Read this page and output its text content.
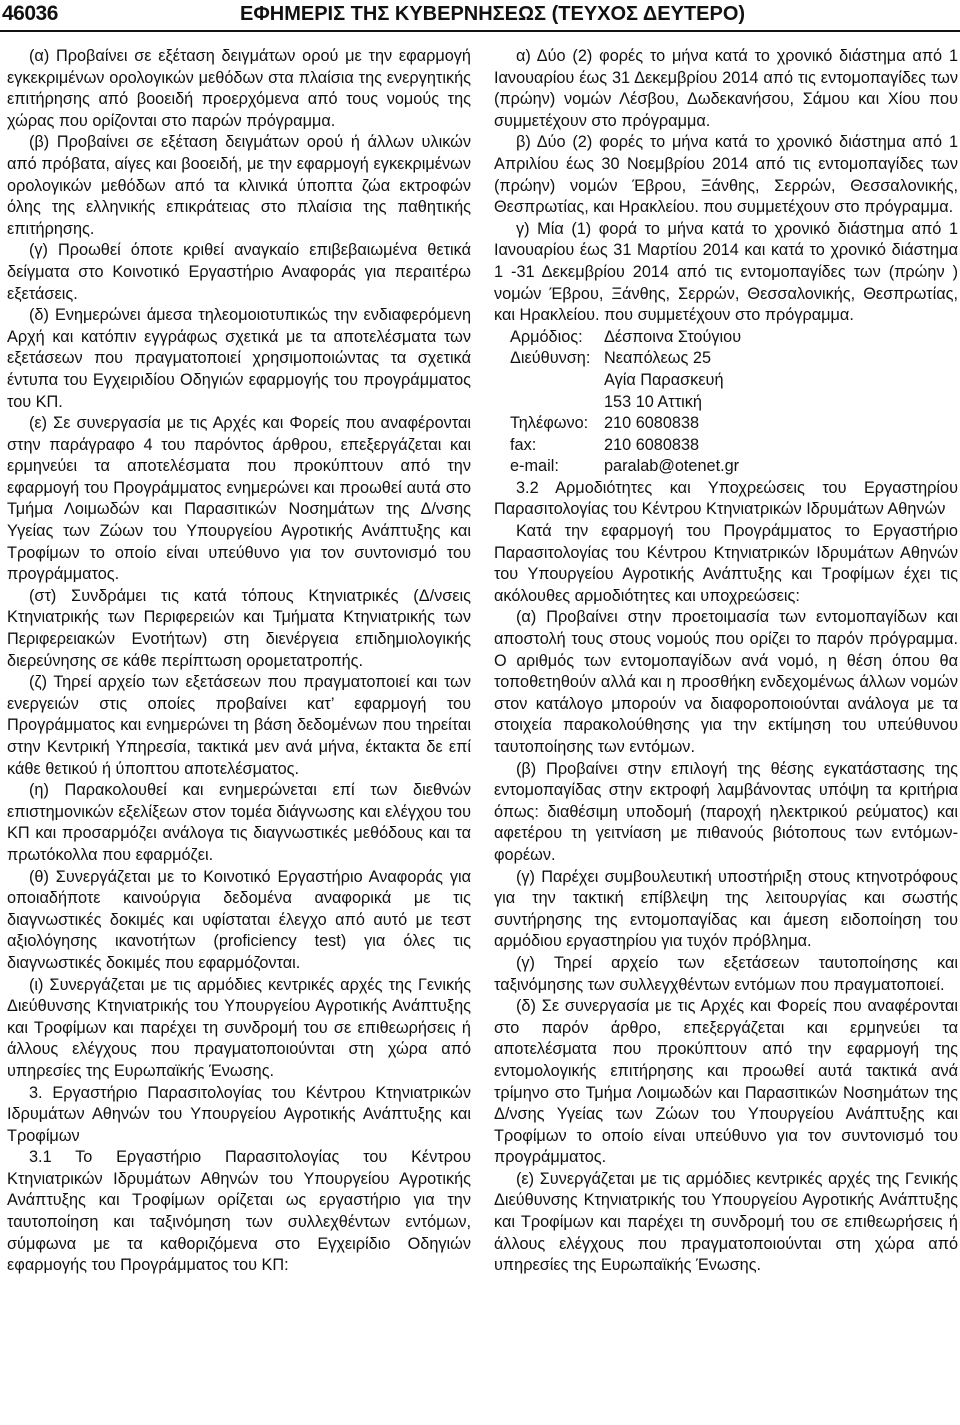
46036	ΕΦΗΜΕΡΙΣ ΤΗΣ ΚΥΒΕΡΝΗΣΕΩΣ (ΤΕΥΧΟΣ ΔΕΥΤΕΡΟ)

(α) Προβαίνει σε εξέταση δειγμάτων ορού με την εφαρμογή εγκεκριμένων ορολογικών μεθόδων στα πλαίσια της ενεργητικής επιτήρησης από βοοειδή προερχόμενα από τους νομούς της χώρας που ορίζονται στο παρών πρόγραμμα.

(β) Προβαίνει σε εξέταση δειγμάτων ορού ή άλλων υλικών από πρόβατα, αίγες και βοοειδή, με την εφαρμογή εγκεκριμένων ορολογικών μεθόδων από τα κλινικά ύποπτα ζώα εκτροφών όλης της ελληνικής επικράτειας στο πλαίσια της παθητικής επιτήρησης.

(γ) Προωθεί όποτε κριθεί αναγκαίο επιβεβαιωμένα θετικά δείγματα στο Κοινοτικό Εργαστήριο Αναφοράς για περαιτέρω εξετάσεις.

(δ) Ενημερώνει άμεσα τηλεομοιοτυπικώς την ενδιαφερόμενη Αρχή και κατόπιν εγγράφως σχετικά με τα αποτελέσματα των εξετάσεων που πραγματοποιεί χρησιμοποιώντας τα σχετικά έντυπα του Εγχειριδίου Οδηγιών εφαρμογής του προγράμματος του ΚΠ.

(ε) Σε συνεργασία με τις Αρχές και Φορείς που αναφέρονται στην παράγραφο 4 του παρόντος άρθρου, επεξεργάζεται και ερμηνεύει τα αποτελέσματα που προκύπτουν από την εφαρμογή του Προγράμματος ενημερώνει και προωθεί αυτά στο Τμήμα Λοιμωδών και Παρασιτικών Νοσημάτων της Δ/νσης Υγείας των Ζώων του Υπουργείου Αγροτικής Ανάπτυξης και Τροφίμων το οποίο είναι υπεύθυνο για τον συντονισμό του προγράμματος.

(στ) Συνδράμει τις κατά τόπους Κτηνιατρικές (Δ/νσεις Κτηνιατρικής των Περιφερειών και Τμήματα Κτηνιατρικής των Περιφερειακών Ενοτήτων) στη διενέργεια επιδημιολογικής διερεύνησης σε κάθε περίπτωση ορομετατροπής.

(ζ) Τηρεί αρχείο των εξετάσεων που πραγματοποιεί και των ενεργειών στις οποίες προβαίνει κατ’ εφαρμογή του Προγράμματος και ενημερώνει τη βάση δεδομένων που τηρείται στην Κεντρική Υπηρεσία, τακτικά μεν ανά μήνα, έκτακτα δε επί κάθε θετικού ή ύποπτου αποτελέσματος.

(η) Παρακολουθεί και ενημερώνεται επί των διεθνών επιστημονικών εξελίξεων στον τομέα διάγνωσης και ελέγχου του ΚΠ και προσαρμόζει ανάλογα τις διαγνωστικές μεθόδους και τα πρωτόκολλα που εφαρμόζει.

(θ) Συνεργάζεται με το Κοινοτικό Εργαστήριο Αναφοράς για οποιαδήποτε καινούργια δεδομένα αναφορικά με τις διαγνωστικές δοκιμές και υφίσταται έλεγχο από αυτό με τεστ αξιολόγησης ικανοτήτων (proficiency test) για όλες τις διαγνωστικές δοκιμές που εφαρμόζονται.

(ι) Συνεργάζεται με τις αρμόδιες κεντρικές αρχές της Γενικής Διεύθυνσης Κτηνιατρικής του Υπουργείου Αγροτικής Ανάπτυξης και Τροφίμων και παρέχει τη συνδρομή του σε επιθεωρήσεις ή άλλους ελέγχους που πραγματοποιούνται στη χώρα από υπηρεσίες της Ευρωπαϊκής Ένωσης.

3. Εργαστήριο Παρασιτολογίας του Κέντρου Κτηνιατρικών Ιδρυμάτων Αθηνών του Υπουργείου Αγροτικής Ανάπτυξης και Τροφίμων

3.1 Το Εργαστήριο Παρασιτολογίας του Κέντρου Κτηνιατρικών Ιδρυμάτων Αθηνών του Υπουργείου Αγροτικής Ανάπτυξης και Τροφίμων ορίζεται ως εργαστήριο για την ταυτοποίηση και ταξινόμηση των συλλεχθέντων εντόμων, σύμφωνα με τα καθοριζόμενα στο Εγχειρίδιο Οδηγιών εφαρμογής του Προγράμματος του ΚΠ:

α) Δύο (2) φορές το μήνα κατά το χρονικό διάστημα από 1 Ιανουαρίου έως 31 Δεκεμβρίου 2014 από τις εντομοπαγίδες των (πρώην) νομών Λέσβου, Δωδεκανήσου, Σάμου και Χίου που συμμετέχουν στο πρόγραμμα.

β) Δύο (2) φορές το μήνα κατά το χρονικό διάστημα από 1 Απριλίου έως 30 Νοεμβρίου 2014 από τις εντομοπαγίδες των (πρώην) νομών Έβρου, Ξάνθης, Σερρών, Θεσσαλονικής, Θεσπρωτίας, και Ηρακλείου. που συμμετέχουν στο πρόγραμμα.

γ) Μία (1) φορά το μήνα κατά το χρονικό διάστημα από 1 Ιανουαρίου έως 31 Μαρτίου 2014 και κατά το χρονικό διάστημα 1 -31 Δεκεμβρίου 2014 από τις εντομοπαγίδες των (πρώην ) νομών Έβρου, Ξάνθης, Σερρών, Θεσσαλονικής, Θεσπρωτίας, και Ηρακλείου. που συμμετέχουν στο πρόγραμμα.

Αρμόδιος:	Δέσποινα Στούγιου
Διεύθυνση: Νεαπόλεως 25
Αγία Παρασκευή
153 10 Αττική
Τηλέφωνο: 210 6080838
fax:	210 6080838
e-mail:	paralab@otenet.gr

3.2 Αρμοδιότητες και Υποχρεώσεις του Εργαστηρίου Παρασιτολογίας του Κέντρου Κτηνιατρικών Ιδρυμάτων Αθηνών

Κατά την εφαρμογή του Προγράμματος το Εργαστήριο Παρασιτολογίας του Κέντρου Κτηνιατρικών Ιδρυμάτων Αθηνών του Υπουργείου Αγροτικής Ανάπτυξης και Τροφίμων έχει τις ακόλουθες αρμοδιότητες και υποχρεώσεις:

(α) Προβαίνει στην προετοιμασία των εντομοπαγίδων και αποστολή τους στους νομούς που ορίζει το παρόν πρόγραμμα. Ο αριθμός των εντομοπαγίδων ανά νομό, η θέση όπου θα τοποθετηθούν αλλά και η προσθήκη ενδεχομένως άλλων νομών στον κατάλογο μπορούν να διαφοροποιούνται ανάλογα με τα στοιχεία παρακολούθησης για την εκτίμηση του υπεύθυνου ταυτοποίησης των εντόμων.

(β) Προβαίνει στην επιλογή της θέσης εγκατάστασης της εντομοπαγίδας στην εκτροφή λαμβάνοντας υπόψη τα κριτήρια όπως: διαθέσιμη υποδομή (παροχή ηλεκτρικού ρεύματος) και αφετέρου τη γειτνίαση με πιθανούς βιότοπους των εντόμων-φορέων.

(γ) Παρέχει συμβουλευτική υποστήριξη στους κτηνοτρόφους για την τακτική επίβλεψη της λειτουργίας και σωστής συντήρησης της εντομοπαγίδας και άμεση ειδοποίηση του αρμόδιου εργαστηρίου για τυχόν πρόβλημα.

(γ) Τηρεί αρχείο των εξετάσεων ταυτοποίησης και ταξινόμησης των συλλεγχθέντων εντόμων που πραγματοποιεί.

(δ) Σε συνεργασία με τις Αρχές και Φορείς που αναφέρονται στο παρόν άρθρο, επεξεργάζεται και ερμηνεύει τα αποτελέσματα που προκύπτουν από την εφαρμογή της εντομολογικής επιτήρησης και προωθεί αυτά τακτικά ανά τρίμηνο στο Τμήμα Λοιμωδών και Παρασιτικών Νοσημάτων της Δ/νσης Υγείας των Ζώων του Υπουργείου Ανάπτυξης και Τροφίμων το οποίο είναι υπεύθυνο για τον συντονισμό του προγράμματος.

(ε) Συνεργάζεται με τις αρμόδιες κεντρικές αρχές της Γενικής Διεύθυνσης Κτηνιατρικής του Υπουργείου Αγροτικής Ανάπτυξης και Τροφίμων και παρέχει τη συνδρομή του σε επιθεωρήσεις ή άλλους ελέγχους που πραγματοποιούνται στη χώρα από υπηρεσίες της Ευρωπαϊκής Ένωσης.
